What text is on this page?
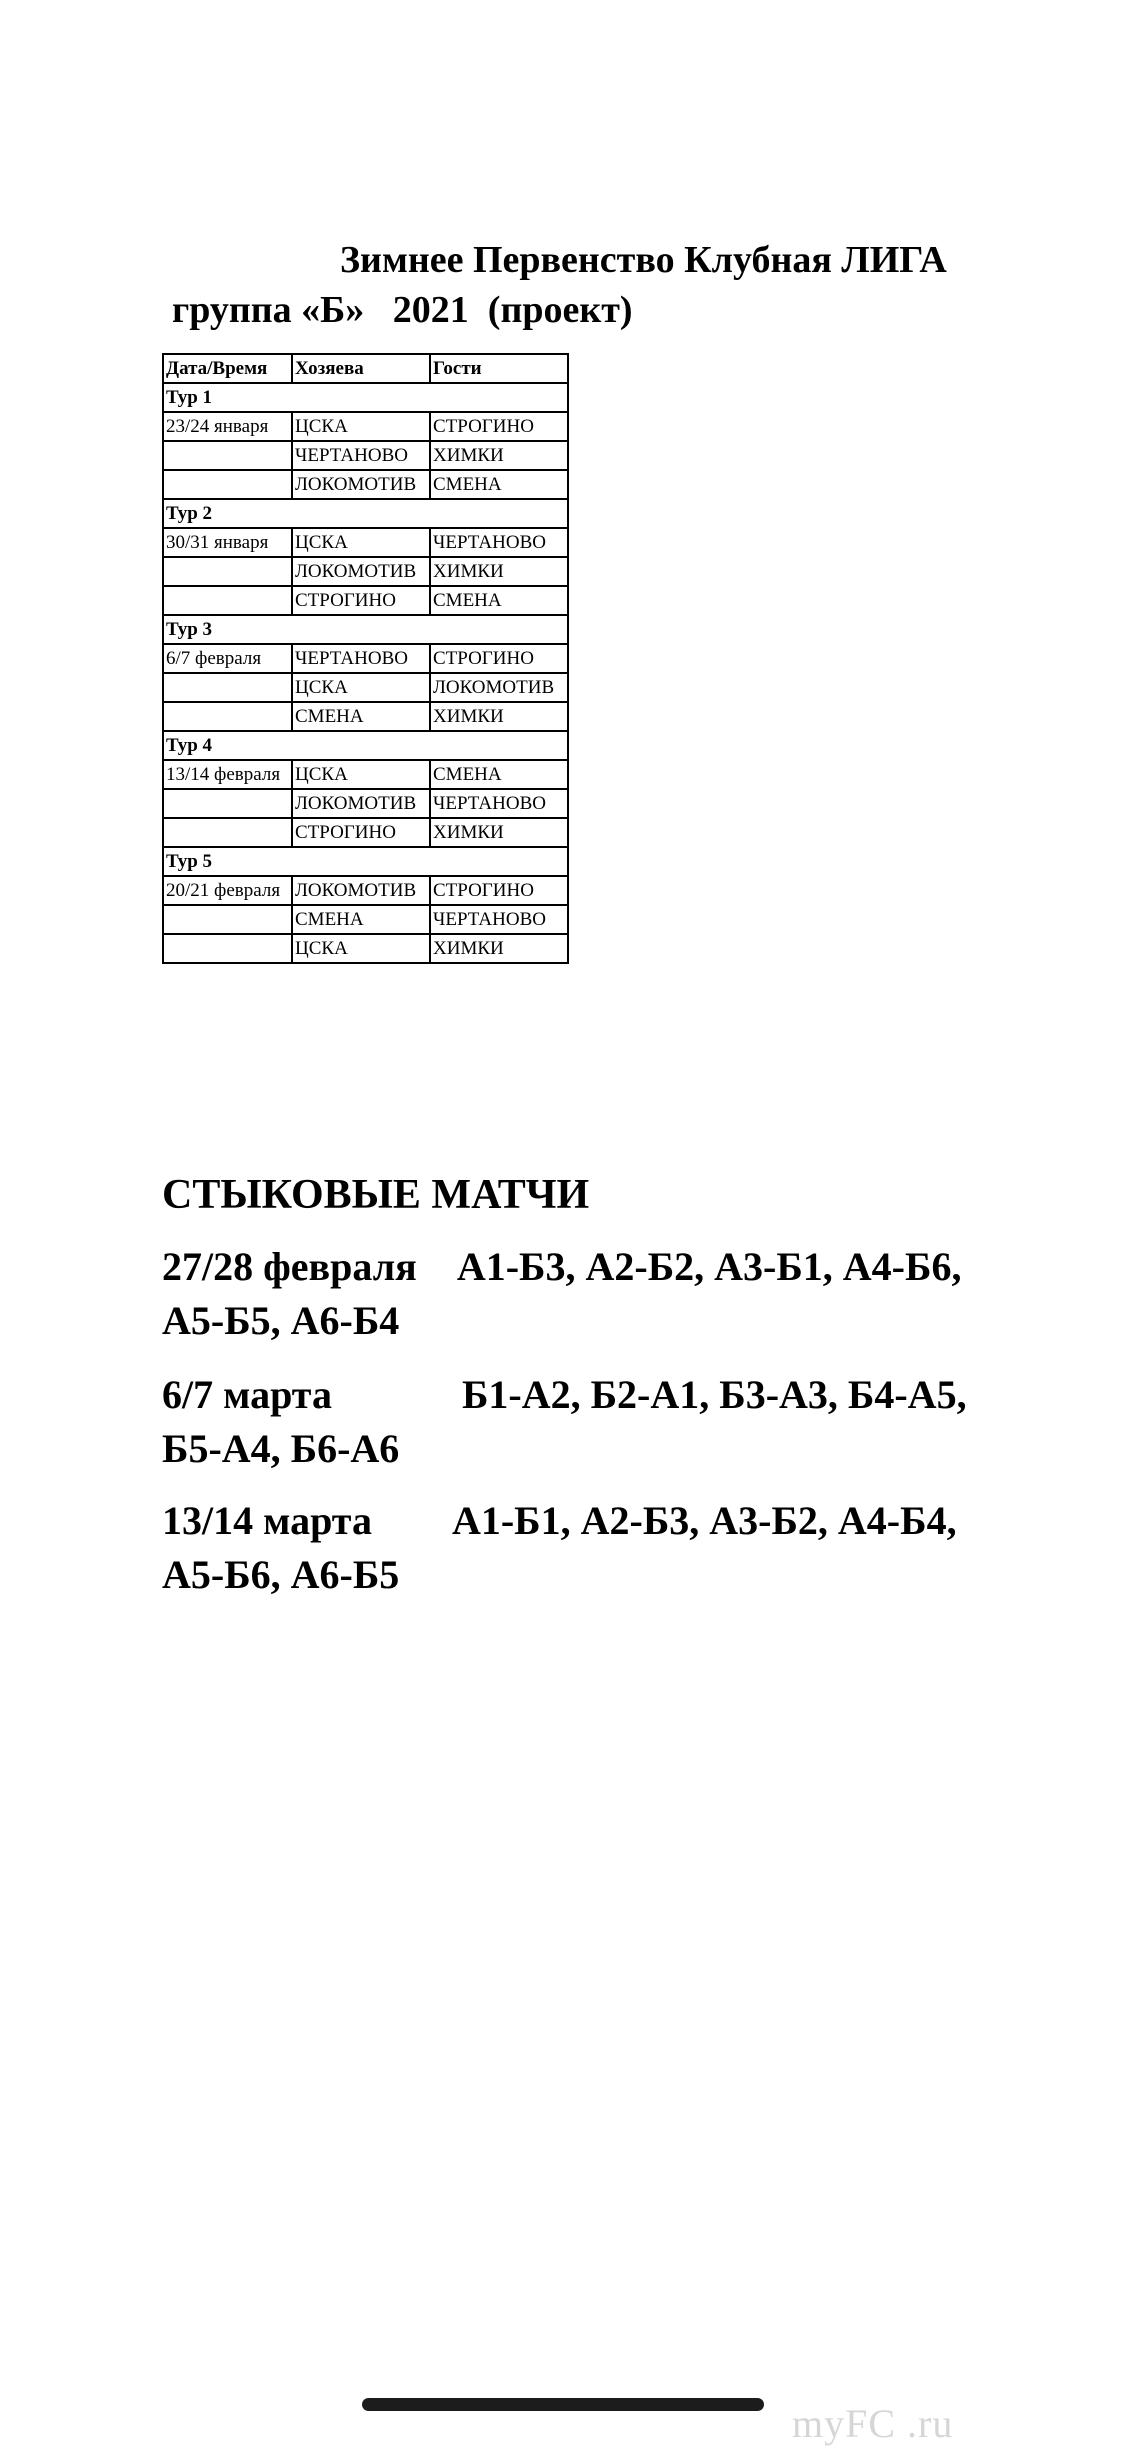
Зимнее Первенство Клубная ЛИГА
группа «Б»   2021  (проект)
Дата/Время	Хозяева	Гости
Тур 1		
23/24 января	ЦСКА	СТРОГИНО
	ЧЕРТАНОВО	ХИМКИ
	ЛОКОМОТИВ	СМЕНА
Тур 2		
30/31 января	ЦСКА	ЧЕРТАНОВО
	ЛОКОМОТИВ	ХИМКИ
	СТРОГИНО	СМЕНА
Тур 3		
6/7 февраля	ЧЕРТАНОВО	СТРОГИНО
	ЦСКА	ЛОКОМОТИВ
	СМЕНА	ХИМКИ
Тур 4		
13/14 февраля	ЦСКА	СМЕНА
	ЛОКОМОТИВ	ЧЕРТАНОВО
	СТРОГИНО	ХИМКИ
Тур 5		
20/21 февраля	ЛОКОМОТИВ	СТРОГИНО
	СМЕНА	ЧЕРТАНОВО
	ЦСКА	ХИМКИ
СТЫКОВЫЕ МАТЧИ
27/28 февраля    А1-Б3, А2-Б2, А3-Б1, А4-Б6, А5-Б5, А6-Б4
6/7 марта             Б1-А2, Б2-А1, Б3-А3, Б4-А5, Б5-А4, Б6-А6
13/14 марта        А1-Б1, А2-Б3, А3-Б2, А4-Б4, А5-Б6, А6-Б5
myFC .ru
